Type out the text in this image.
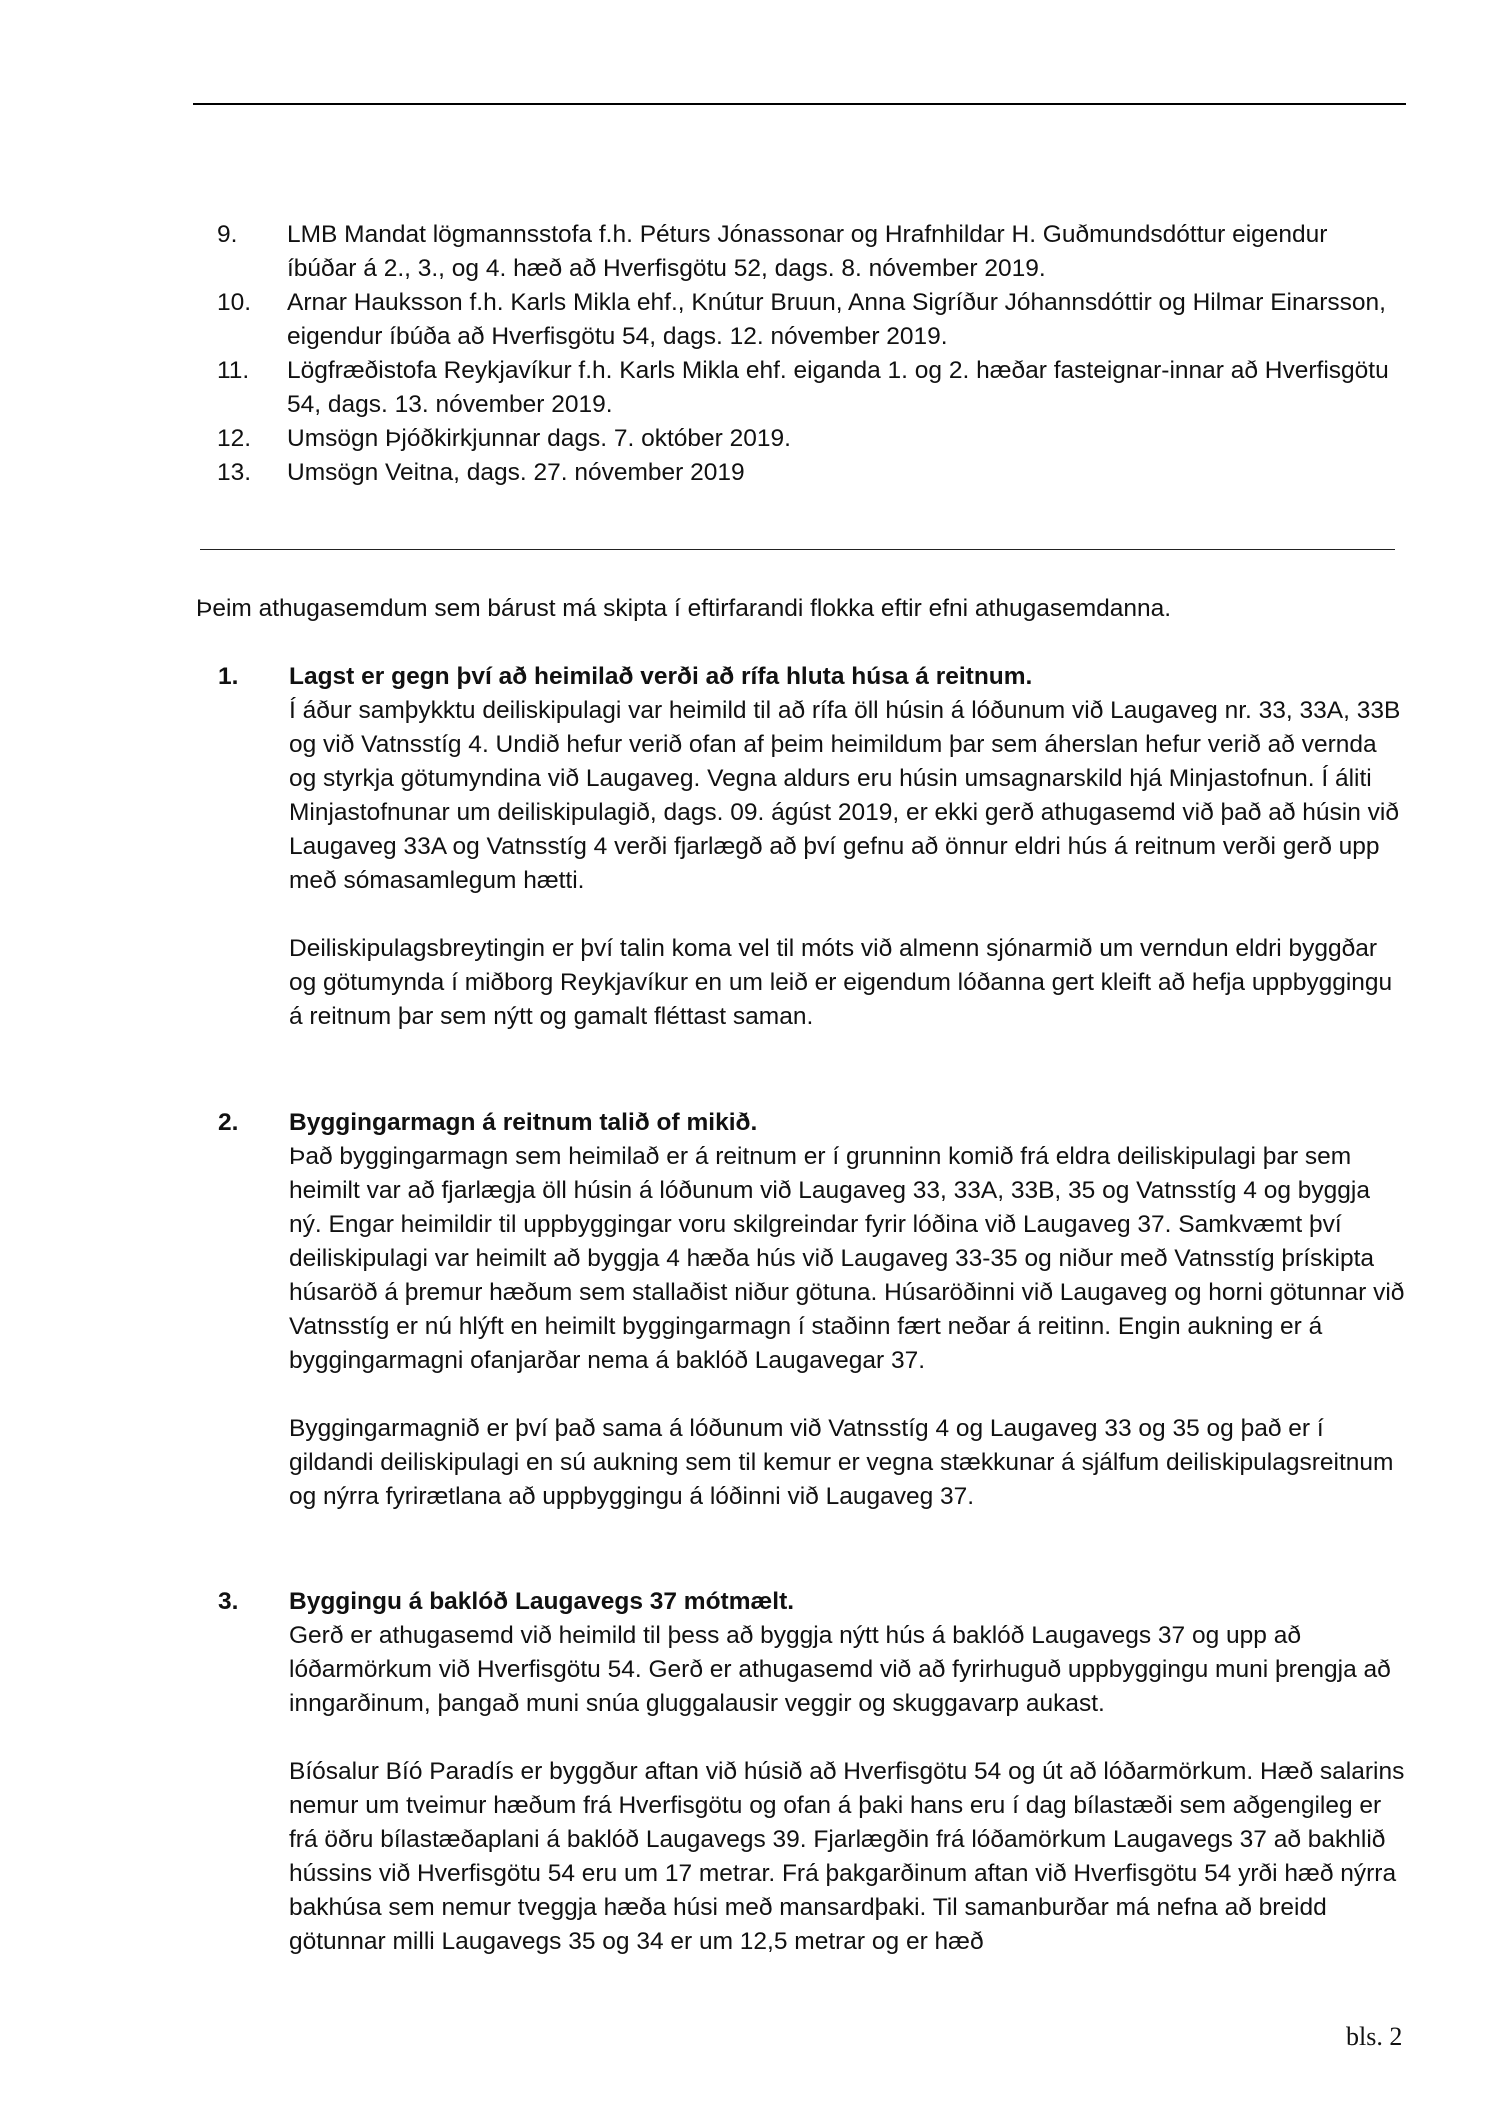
9.	LMB Mandat lögmannsstofa f.h. Péturs Jónassonar og Hrafnhildar H. Guðmundsdóttur eigendur íbúðar á 2., 3., og 4. hæð að Hverfisgötu 52, dags. 8. nóvember 2019.
10.	Arnar Hauksson f.h. Karls Mikla ehf., Knútur Bruun, Anna Sigríður Jóhannsdóttir og Hilmar Einarsson, eigendur íbúða að Hverfisgötu 54, dags. 12. nóvember 2019.
11.	Lögfræðistofa Reykjavíkur f.h. Karls Mikla ehf. eiganda 1. og 2. hæðar fasteignar-innar að Hverfisgötu 54, dags. 13. nóvember 2019.
12.	Umsögn Þjóðkirkjunnar dags. 7. október 2019.
13.	Umsögn Veitna, dags. 27. nóvember 2019
Þeim athugasemdum sem bárust má skipta í eftirfarandi flokka eftir efni athugasemdanna.
1. Lagst er gegn því að heimilað verði að rífa hluta húsa á reitnum.

Í áður samþykktu deiliskipulagi var heimild til að rífa öll húsin á lóðunum við Laugaveg nr. 33, 33A, 33B og við Vatnsstíg 4. Undið hefur verið ofan af þeim heimildum þar sem áherslan hefur verið að vernda og styrkja götumyndina við Laugaveg. Vegna aldurs eru húsin umsagnarskild hjá Minjastofnun. Í áliti Minjastofnunar um deiliskipulagið, dags. 09. ágúst 2019, er ekki gerð athugasemd við það að húsin við Laugaveg 33A og Vatnsstíg 4 verði fjarlægð að því gefnu að önnur eldri hús á reitnum verði gerð upp með sómasamlegum hætti.

Deiliskipulagsbreytingin er því talin koma vel til móts við almenn sjónarmið um verndun eldri byggðar og götumynda í miðborg Reykjavíkur en um leið er eigendum lóðanna gert kleift að hefja uppbyggingu á reitnum þar sem nýtt og gamalt fléttast saman.

2. Byggingarmagn á reitnum talið of mikið.

Það byggingarmagn sem heimilað er á reitnum er í grunninn komið frá eldra deiliskipulagi þar sem heimilt var að fjarlægja öll húsin á lóðunum við Laugaveg 33, 33A, 33B, 35 og Vatnsstíg 4 og byggja ný. Engar heimildir til uppbyggingar voru skilgreindar fyrir lóðina við Laugaveg 37. Samkvæmt því deiliskipulagi var heimilt að byggja 4 hæða hús við Laugaveg 33-35 og niður með Vatnsstíg þrískipta húsaröð á þremur hæðum sem stallaðist niður götuna. Húsaröðinni við Laugaveg og horni götunnar við Vatnsstíg er nú hlýft en heimilt byggingarmagn í staðinn fært neðar á reitinn. Engin aukning er á byggingarmagni ofanjarðar nema á baklóð Laugavegar 37.

Byggingarmagnið er því það sama á lóðunum við Vatnsstíg 4 og Laugaveg 33 og 35 og það er í gildandi deiliskipulagi en sú aukning sem til kemur er vegna stækkunar á sjálfum deiliskipulagsreitnum og nýrra fyrirætlana að uppbyggingu á lóðinni við Laugaveg 37.

3. Byggingu á baklóð Laugavegs 37 mótmælt.

Gerð er athugasemd við heimild til þess að byggja nýtt hús á baklóð Laugavegs 37 og upp að lóðarmörkum við Hverfisgötu 54. Gerð er athugasemd við að fyrirhuguð uppbyggingu muni þrengja að inngarðinum, þangað muni snúa gluggalausir veggir og skuggavarp aukast.

Bíósalur Bíó Paradís er byggður aftan við húsið að Hverfisgötu 54 og út að lóðarmörkum. Hæð salarins nemur um tveimur hæðum frá Hverfisgötu og ofan á þaki hans eru í dag bílastæði sem aðgengileg er frá öðru bílastæðaplani á baklóð Laugavegs 39. Fjarlægðin frá lóðamörkum Laugavegs 37 að bakhlið hússins við Hverfisgötu 54 eru um 17 metrar. Frá þakgarðinum aftan við Hverfisgötu 54 yrði hæð nýrra bakhúsa sem nemur tveggja hæða húsi með mansardþaki. Til samanburðar má nefna að breidd götunnar milli Laugavegs 35 og 34 er um 12,5 metrar og er hæð

bls. 2
